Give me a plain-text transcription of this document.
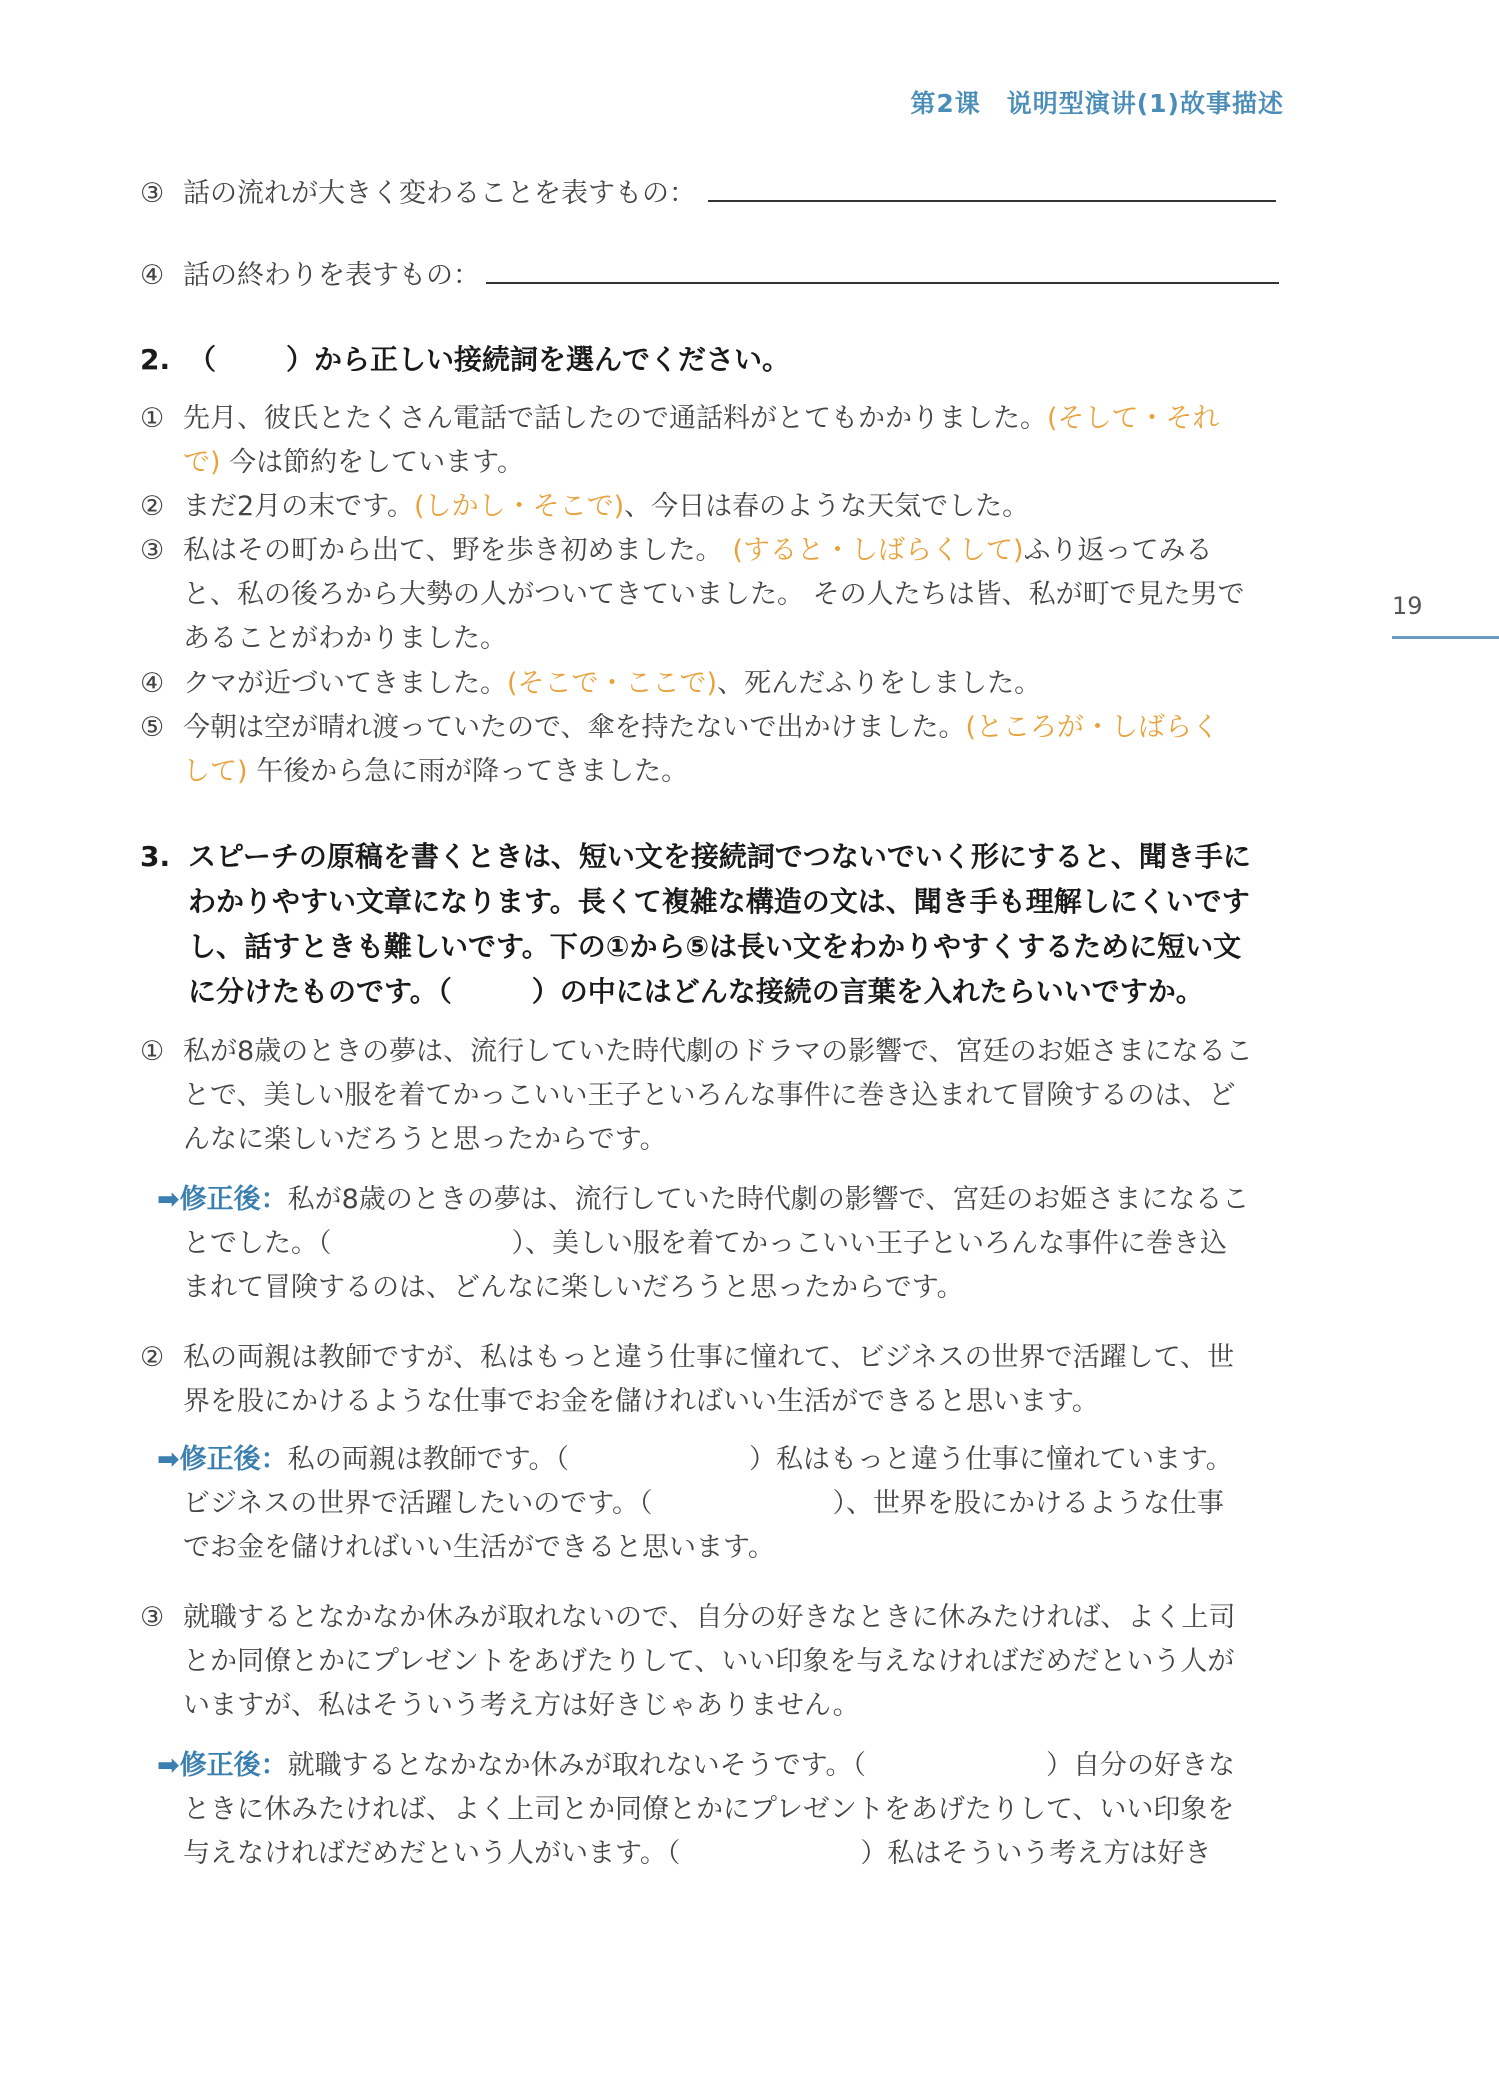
第2课　说明型演讲(1)故事描述
19
③ 話の流れが大きく変わることを表すもの：
④ 話の終わりを表すもの：
2. （	）から正しい接続詞を選んでください。
① 先月、彼氏とたくさん電話で話したので通話料がとてもかかりました。(そして・それ
で) 今は節約をしています。
② まだ2月の末です。(しかし・そこで)、今日は春のような天気でした。
③ 私はその町から出て、野を歩き初めました。 (すると・しばらくして)ふり返ってみる
と、私の後ろから大勢の人がついてきていました。 その人たちは皆、私が町で見た男で
あることがわかりました。
④ クマが近づいてきました。(そこで・ここで)、死んだふりをしました。
⑤ 今朝は空が晴れ渡っていたので、傘を持たないで出かけました。(ところが・しばらく
して) 午後から急に雨が降ってきました。
3. スピーチの原稿を書くときは、短い文を接続詞でつないでいく形にすると、聞き手に
わかりやすい文章になります。長くて複雑な構造の文は、聞き手も理解しにくいです
し、話すときも難しいです。下の①から⑤は長い文をわかりやすくするために短い文
に分けたものです。（	）の中にはどんな接続の言葉を入れたらいいですか。
① 私が8歳のときの夢は、流行していた時代劇のドラマの影響で、宮廷のお姫さまになるこ
とで、美しい服を着てかっこいい王子といろんな事件に巻き込まれて冒険するのは、ど
んなに楽しいだろうと思ったからです。
➡修正後：私が8歳のときの夢は、流行していた時代劇の影響で、宮廷のお姫さまになるこ
とでした。（	）、美しい服を着てかっこいい王子といろんな事件に巻き込
まれて冒険するのは、どんなに楽しいだろうと思ったからです。
② 私の両親は教師ですが、私はもっと違う仕事に憧れて、ビジネスの世界で活躍して、世
界を股にかけるような仕事でお金を儲ければいい生活ができると思います。
➡修正後：私の両親は教師です。（	）私はもっと違う仕事に憧れています。
ビジネスの世界で活躍したいのです。（	）、世界を股にかけるような仕事
でお金を儲ければいい生活ができると思います。
③ 就職するとなかなか休みが取れないので、自分の好きなときに休みたければ、よく上司
とか同僚とかにプレゼントをあげたりして、いい印象を与えなければだめだという人が
いますが、私はそういう考え方は好きじゃありません。
➡修正後：就職するとなかなか休みが取れないそうです。（	）自分の好きな
ときに休みたければ、よく上司とか同僚とかにプレゼントをあげたりして、いい印象を
与えなければだめだという人がいます。（	）私はそういう考え方は好き
